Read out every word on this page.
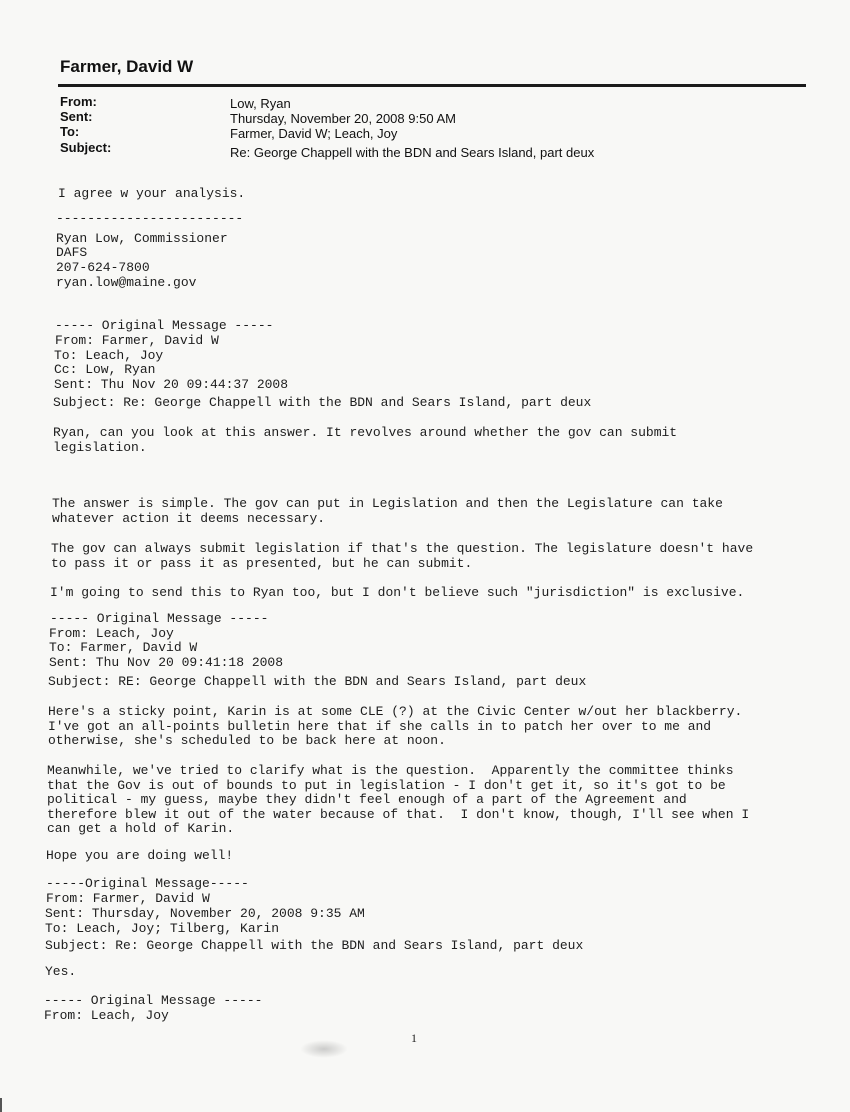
Farmer, David W
From:	Low, Ryan
Sent:	Thursday, November 20, 2008 9:50 AM
To:	Farmer, David W; Leach, Joy
Subject:	Re: George Chappell with the BDN and Sears Island, part deux
I agree w your analysis.
------------------------
Ryan Low, Commissioner
DAFS
207-624-7800
ryan.low@maine.gov
----- Original Message -----
From: Farmer, David W
To: Leach, Joy
Cc: Low, Ryan
Sent: Thu Nov 20 09:44:37 2008
Subject: Re: George Chappell with the BDN and Sears Island, part deux
Ryan, can you look at this answer. It revolves around whether the gov can submit
legislation.
The answer is simple. The gov can put in Legislation and then the Legislature can take
whatever action it deems necessary.
The gov can always submit legislation if that's the question. The legislature doesn't have
to pass it or pass it as presented, but he can submit.
I'm going to send this to Ryan too, but I don't believe such "jurisdiction" is exclusive.
----- Original Message -----
From: Leach, Joy
To: Farmer, David W
Sent: Thu Nov 20 09:41:18 2008
Subject: RE: George Chappell with the BDN and Sears Island, part deux
Here's a sticky point, Karin is at some CLE (?) at the Civic Center w/out her blackberry.
I've got an all-points bulletin here that if she calls in to patch her over to me and
otherwise, she's scheduled to be back here at noon.
Meanwhile, we've tried to clarify what is the question.  Apparently the committee thinks
that the Gov is out of bounds to put in legislation - I don't get it, so it's got to be
political - my guess, maybe they didn't feel enough of a part of the Agreement and
therefore blew it out of the water because of that.  I don't know, though, I'll see when I
can get a hold of Karin.
Hope you are doing well!
-----Original Message-----
From: Farmer, David W
Sent: Thursday, November 20, 2008 9:35 AM
To: Leach, Joy; Tilberg, Karin
Subject: Re: George Chappell with the BDN and Sears Island, part deux
Yes.
----- Original Message -----
From: Leach, Joy
1
